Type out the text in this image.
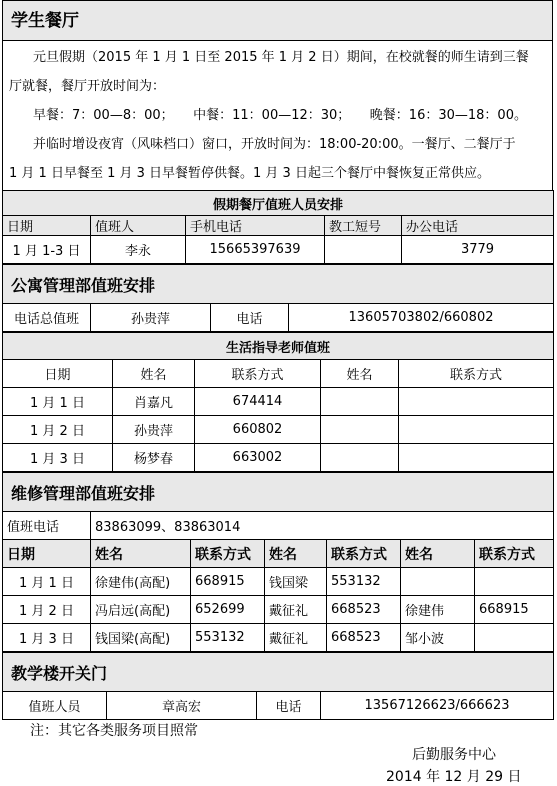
学生餐厅

元旦假期（2015 年 1 月 1 日至 2015 年 1 月 2 日）期间，在校就餐的师生请到三餐

厅就餐，餐厅开放时间为：

早餐：7：00—8：00；　　中餐：11：00—12：30；　　晚餐：16：30—18：00。

并临时增设夜宵（风味档口）窗口，开放时间为：18:00-20:00。一餐厅、二餐厅于

1 月 1 日早餐至 1 月 3 日早餐暂停供餐。1 月 3 日起三个餐厅中餐恢复正常供应。

假期餐厅值班人员安排				
日期	值班人	手机电话	教工短号	办公电话
1 月 1-3 日	李永	15665397639		3779
公寓管理部值班安排
电话总值班	孙贵萍	电话	13605703802/660802
生活指导老师值班				
日期	姓名	联系方式	姓名	联系方式
1 月 1 日	肖嘉凡	674414		
1 月 2 日	孙贵萍	660802		
1 月 3 日	杨梦春	663002		
维修管理部值班安排						
值班电话	83863099、83863014					
日期	姓名	联系方式	姓名	联系方式	姓名	联系方式
1 月 1 日	徐建伟(高配)	668915	钱国梁	553132		
1 月 2 日	冯启远(高配)	652699	戴征礼	668523	徐建伟	668915
1 月 3 日	钱国梁(高配)	553132	戴征礼	668523	邹小波	
教学楼开关门
值班人员	章高宏	电话	13567126623/666623
注：其它各类服务项目照常
后勤服务中心
2014 年 12 月 29 日
